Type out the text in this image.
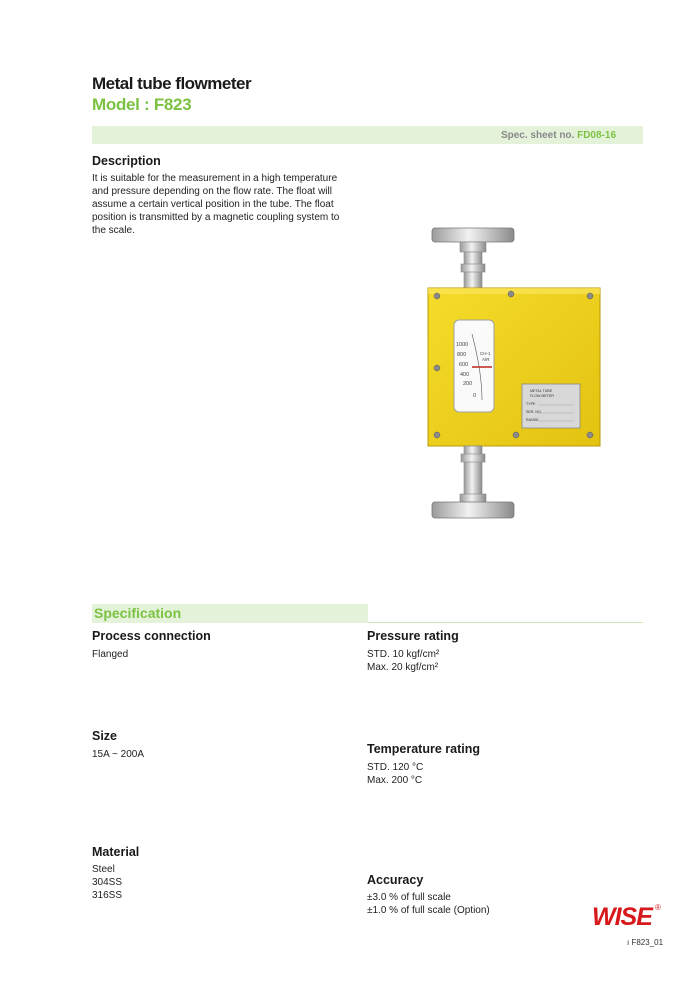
Metal tube flowmeter
Model : F823
Spec. sheet no. FD08-16
Description
It is suitable for the measurement in a high temperature
and pressure depending on the flow rate. The float will
assume a certain vertical position in the tube. The float
position is transmitted by a magnetic coupling system to
the scale.
1000
800
600
400
200
0
CH-1
AIR
METAL TUBE
FLOW METER
TYPE
SER. NO.
RANGE
Specification
Process connection
Flanged
Size
15A ~ 200A
Material
Steel
304SS
316SS
Pressure rating
STD. 10 kgf/cm²
Max. 20 kgf/cm²
Temperature rating
STD. 120 °C
Max. 200 °C
Accuracy
±3.0 % of full scale
±1.0 % of full scale (Option)	WISE ®
ı F823_01
